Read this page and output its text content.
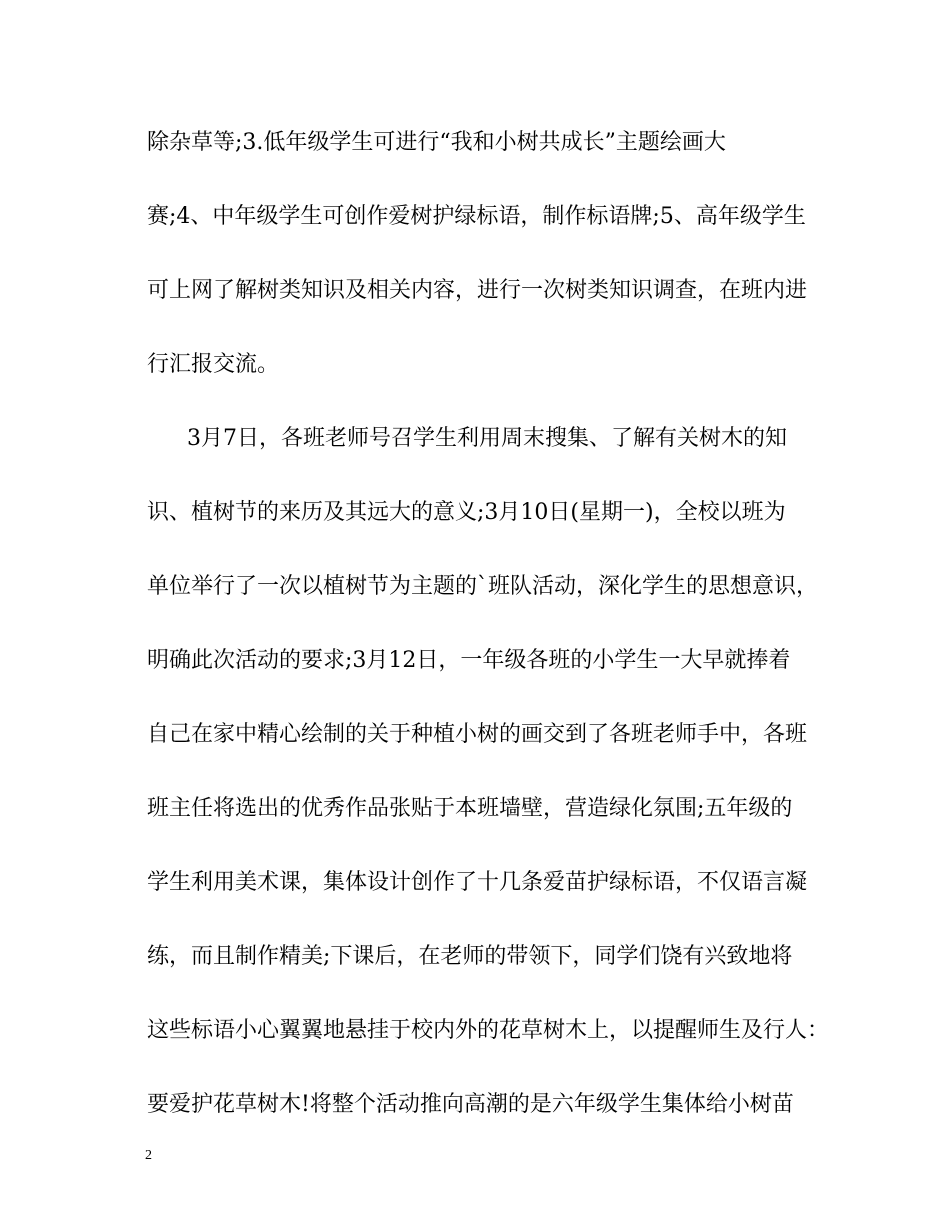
除杂草等;3.低年级学生可进行“我和小树共成长”主题绘画大
赛;4、中年级学生可创作爱树护绿标语，制作标语牌;5、高年级学生
可上网了解树类知识及相关内容，进行一次树类知识调查，在班内进
行汇报交流。
3月7日，各班老师号召学生利用周末搜集、了解有关树木的知
识、植树节的来历及其远大的意义;3月10日(星期一)，全校以班为
单位举行了一次以植树节为主题的`班队活动，深化学生的思想意识，
明确此次活动的要求;3月12日，一年级各班的小学生一大早就捧着
自己在家中精心绘制的关于种植小树的画交到了各班老师手中，各班
班主任将选出的优秀作品张贴于本班墙壁，营造绿化氛围;五年级的
学生利用美术课，集体设计创作了十几条爱苗护绿标语，不仅语言凝
练，而且制作精美;下课后，在老师的带领下，同学们饶有兴致地将
这些标语小心翼翼地悬挂于校内外的花草树木上，以提醒师生及行人：
要爱护花草树木!将整个活动推向高潮的是六年级学生集体给小树苗
2
